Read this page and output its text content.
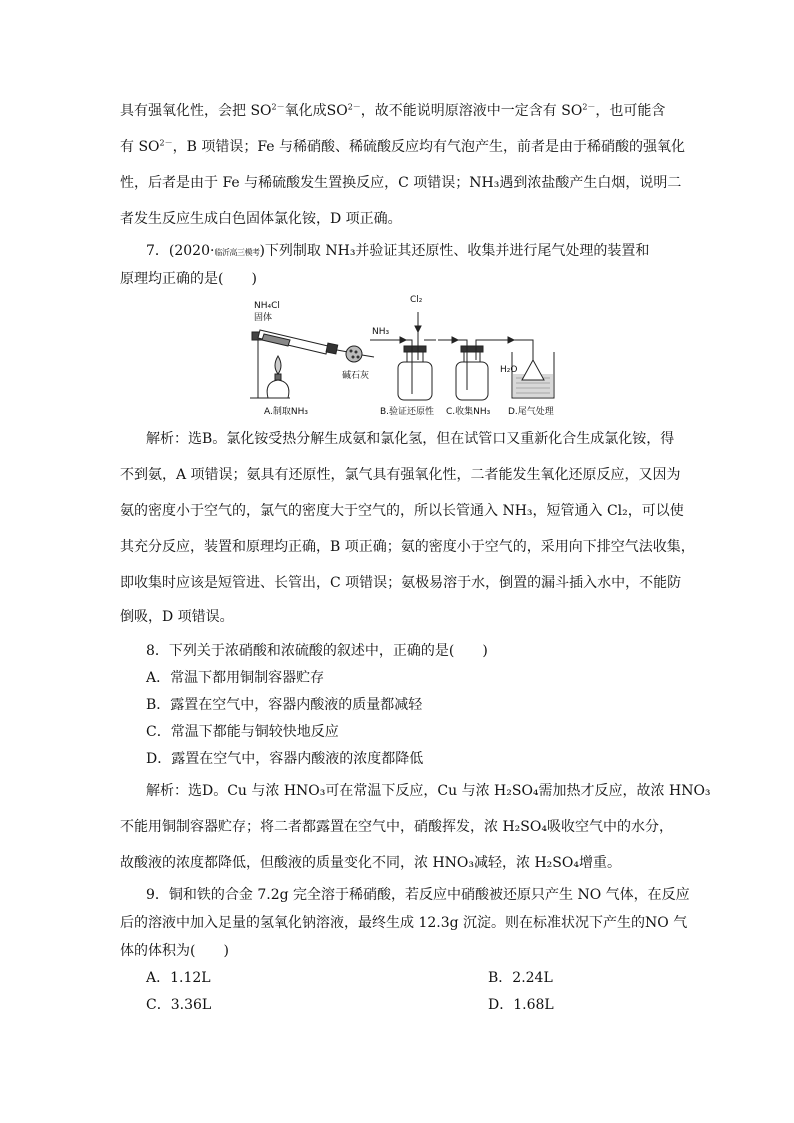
具有强氧化性，会把 $SO^{2-}$氧化成$SO^{2-}$，故不能说明原溶液中一定含有 $SO^{2-}$，也可能含
有 $SO^{2-}$，B 项错误；Fe 与稀硝酸、稀硫酸反应均有气泡产生，前者是由于稀硝酸的强氧化
性，后者是由于 Fe 与稀硫酸发生置换反应，C 项错误；NH₃遇到浓盐酸产生白烟，说明二
者发生反应生成白色固体氯化铵，D 项正确。
7．(2020·临沂高三模考)下列制取 NH₃并验证其还原性、收集并进行尾气处理的装置和
原理均正确的是(　　)
NH₄Cl
固体
碱石灰
NH₃
Cl₂
H₂O
A.制取NH₃	B.验证还原性 C.收集NH₃ D.尾气处理
解析：选B。氯化铵受热分解生成氨和氯化氢，但在试管口又重新化合生成氯化铵，得
不到氨，A 项错误；氨具有还原性，氯气具有强氧化性，二者能发生氧化还原反应，又因为
氨的密度小于空气的，氯气的密度大于空气的，所以长管通入 NH₃，短管通入 Cl₂，可以使
其充分反应，装置和原理均正确，B 项正确；氨的密度小于空气的，采用向下排空气法收集，
即收集时应该是短管进、长管出，C 项错误；氨极易溶于水，倒置的漏斗插入水中，不能防
倒吸，D 项错误。
8．下列关于浓硝酸和浓硫酸的叙述中，正确的是(　　)
A．常温下都用铜制容器贮存
B．露置在空气中，容器内酸液的质量都减轻
C．常温下都能与铜较快地反应
D．露置在空气中，容器内酸液的浓度都降低
解析：选D。Cu 与浓 HNO₃可在常温下反应，Cu 与浓 H₂SO₄需加热才反应，故浓 HNO₃
不能用铜制容器贮存；将二者都露置在空气中，硝酸挥发，浓 H₂SO₄吸收空气中的水分，
故酸液的浓度都降低，但酸液的质量变化不同，浓 HNO₃减轻，浓 H₂SO₄增重。
9．铜和铁的合金 7.2g 完全溶于稀硝酸，若反应中硝酸被还原只产生 NO 气体，在反应
后的溶液中加入足量的氢氧化钠溶液，最终生成 12.3g 沉淀。则在标准状况下产生的NO 气
体的体积为(　　)
A．1.12L	B．2.24L
C．3.36L	D．1.68L
